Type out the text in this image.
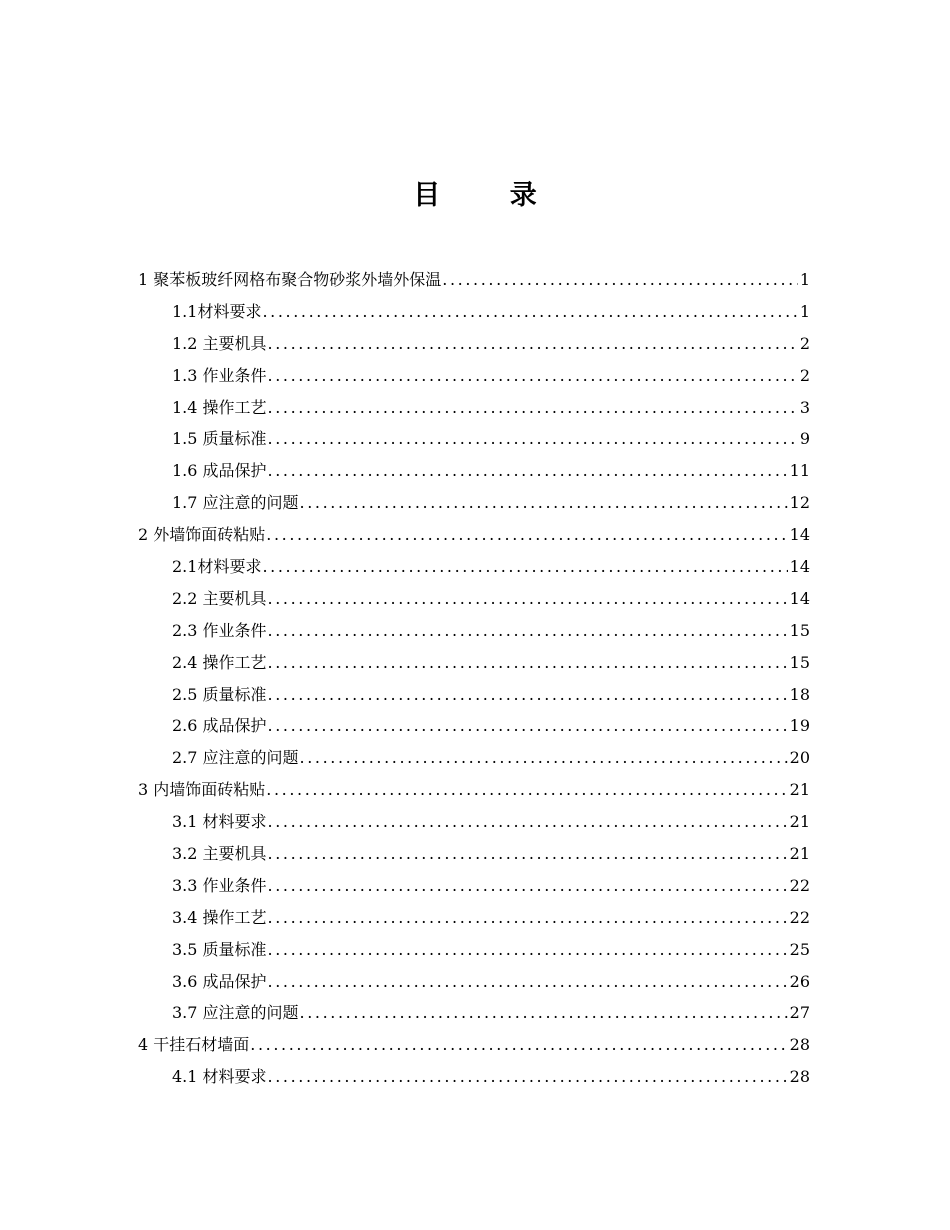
目 录
1 聚苯板玻纤网格布聚合物砂浆外墙外保温 .....	1
1.1材料要求 .....	1
1.2 主要机具 .....	2
1.3 作业条件 .....	2
1.4 操作工艺 .....	3
1.5 质量标准 .....	9
1.6 成品保护 .....	11
1.7 应注意的问题 .....	12
2 外墙饰面砖粘贴 .....	14
2.1材料要求 .....	14
2.2 主要机具 .....	14
2.3 作业条件 .....	15
2.4 操作工艺 .....	15
2.5 质量标准 .....	18
2.6 成品保护 .....	19
2.7 应注意的问题 .....	20
3 内墙饰面砖粘贴 .....	21
3.1 材料要求 .....	21
3.2 主要机具 .....	21
3.3 作业条件 .....	22
3.4 操作工艺 .....	22
3.5 质量标准 .....	25
3.6 成品保护 .....	26
3.7 应注意的问题 .....	27
4 干挂石材墙面 .....	28
4.1 材料要求 .....	28
